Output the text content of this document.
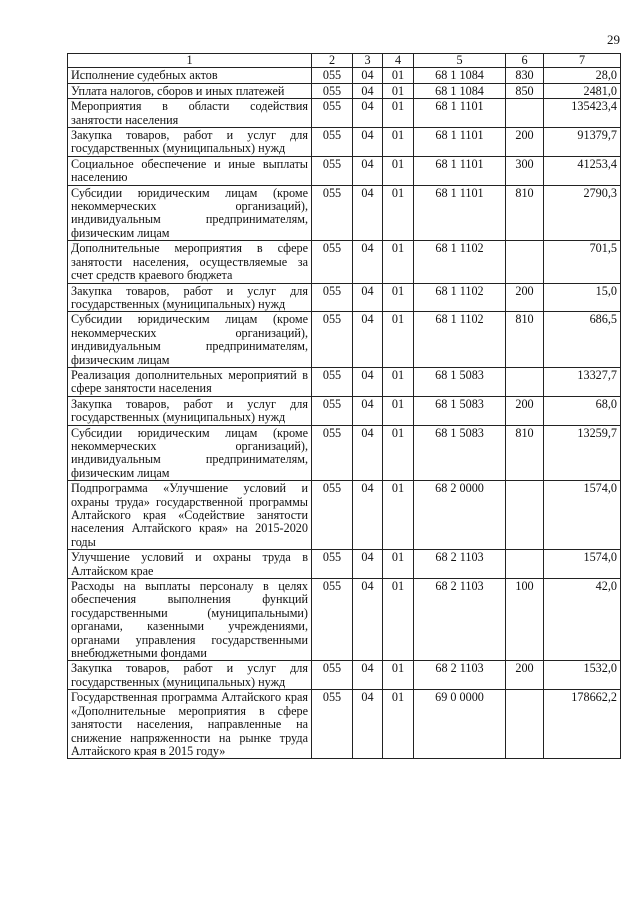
29
1	2	3	4	5	6	7
Исполнение судебных актов	055	04	01	68 1 1084	830	28,0
Уплата налогов, сборов и иных платежей	055	04	01	68 1 1084	850	2481,0
Мероприятия в области содействия занятости населения	055	04	01	68 1 1101		135423,4
Закупка товаров, работ и услуг для государственных (муниципальных) нужд	055	04	01	68 1 1101	200	91379,7
Социальное обеспечение и иные выплаты населению	055	04	01	68 1 1101	300	41253,4
Субсидии юридическим лицам (кроме некоммерческих организаций), индивидуальным предпринимателям, физическим лицам	055	04	01	68 1 1101	810	2790,3
Дополнительные мероприятия в сфере занятости населения, осуществляемые за счет средств краевого бюджета	055	04	01	68 1 1102		701,5
Закупка товаров, работ и услуг для государственных (муниципальных) нужд	055	04	01	68 1 1102	200	15,0
Субсидии юридическим лицам (кроме некоммерческих организаций), индивидуальным предпринимателям, физическим лицам	055	04	01	68 1 1102	810	686,5
Реализация дополнительных мероприятий в сфере занятости населения	055	04	01	68 1 5083		13327,7
Закупка товаров, работ и услуг для государственных (муниципальных) нужд	055	04	01	68 1 5083	200	68,0
Субсидии юридическим лицам (кроме некоммерческих организаций), индивидуальным предпринимателям, физическим лицам	055	04	01	68 1 5083	810	13259,7
Подпрограмма «Улучшение условий и охраны труда» государственной программы Алтайского края «Содействие занятости населения Алтайского края» на 2015-2020 годы	055	04	01	68 2 0000		1574,0
Улучшение условий и охраны труда в Алтайском крае	055	04	01	68 2 1103		1574,0
Расходы на выплаты персоналу в целях обеспечения выполнения функций государственными (муниципальными) органами, казенными учреждениями, органами управления государственными внебюджетными фондами	055	04	01	68 2 1103	100	42,0
Закупка товаров, работ и услуг для государственных (муниципальных) нужд	055	04	01	68 2 1103	200	1532,0
Государственная программа Алтайского края «Дополнительные мероприятия в сфере занятости населения, направленные на снижение напряженности на рынке труда Алтайского края в 2015 году»	055	04	01	69 0 0000		178662,2
